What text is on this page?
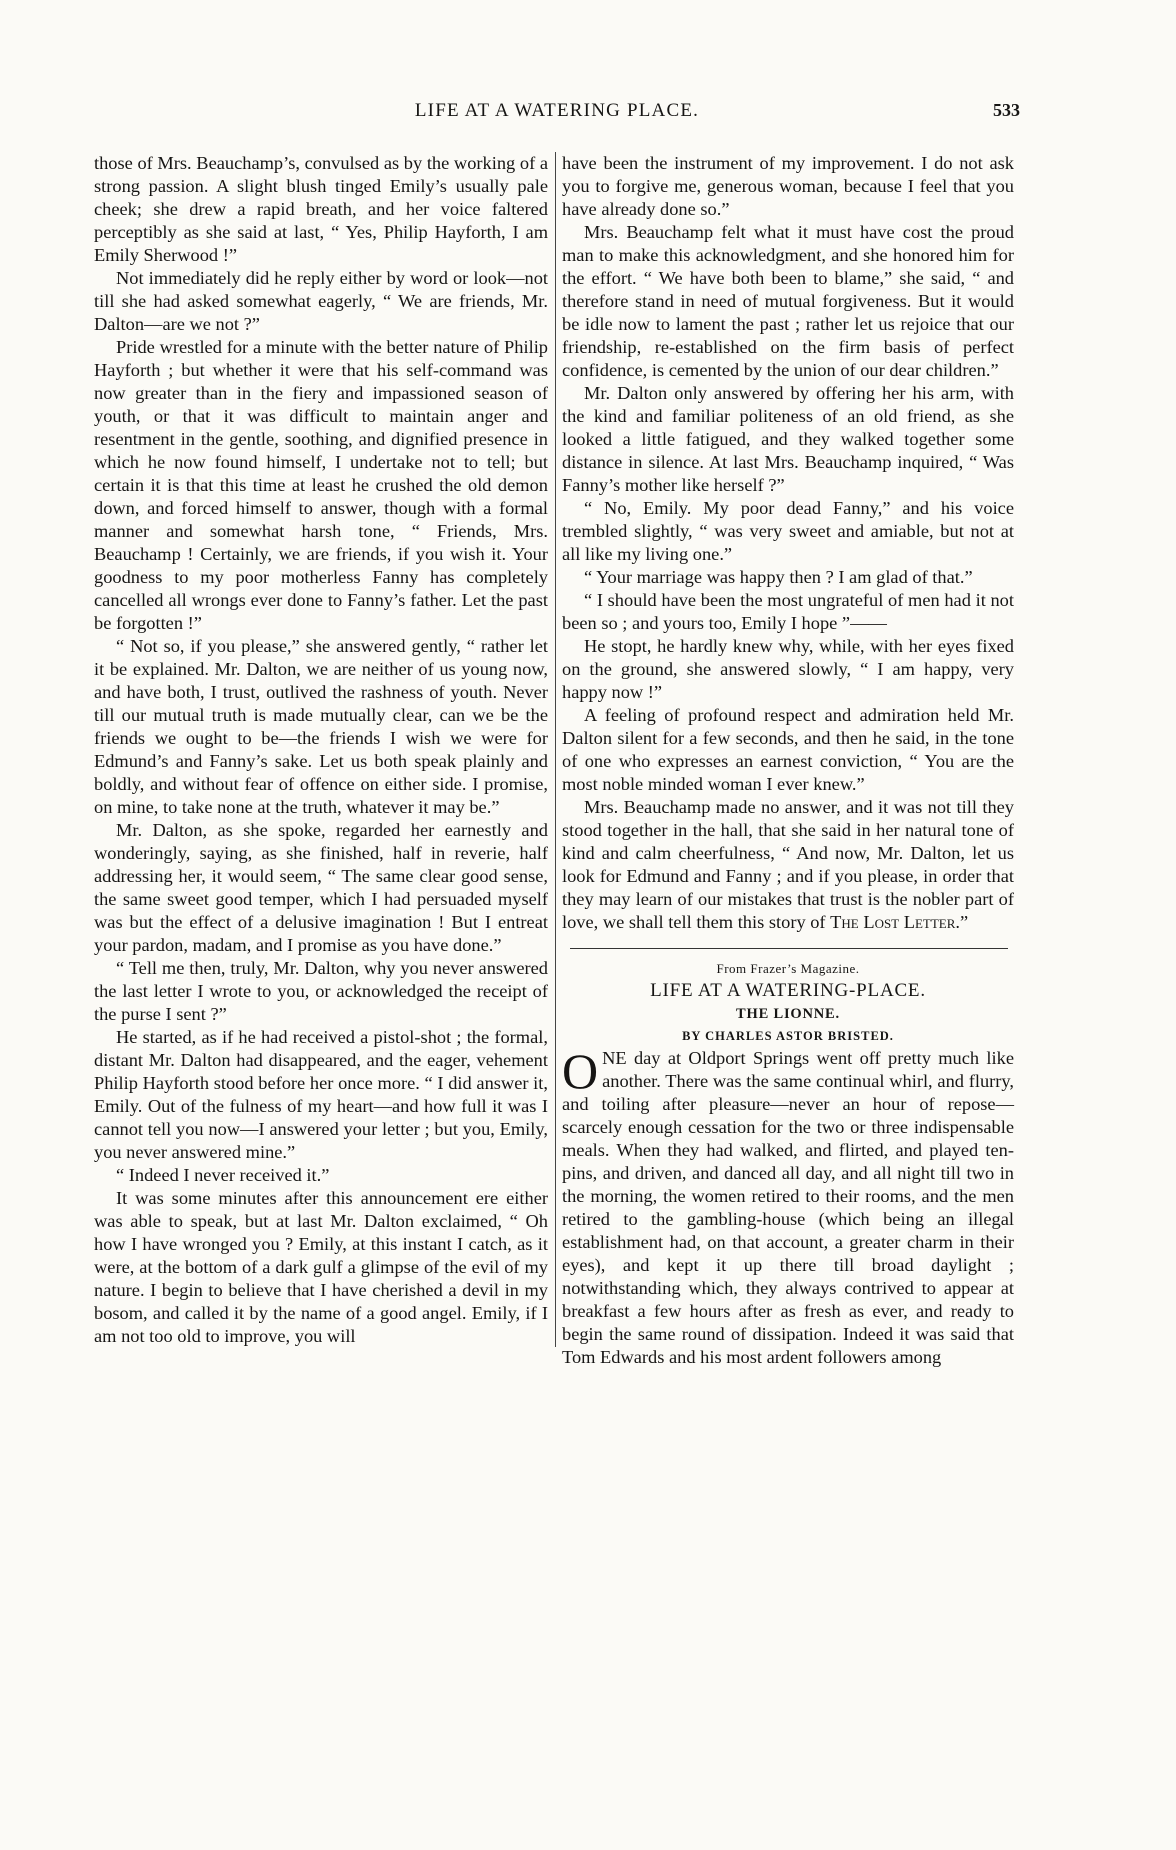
LIFE AT A WATERING PLACE.	533

those of Mrs. Beauchamp’s, convulsed as by the working of a strong passion. A slight blush tinged Emily’s usually pale cheek; she drew a rapid breath, and her voice faltered perceptibly as she said at last, “ Yes, Philip Hayforth, I am Emily Sherwood !”

Not immediately did he reply either by word or look—not till she had asked somewhat eagerly, “ We are friends, Mr. Dalton—are we not ?”

Pride wrestled for a minute with the better nature of Philip Hayforth ; but whether it were that his self-command was now greater than in the fiery and impassioned season of youth, or that it was difficult to maintain anger and resentment in the gentle, soothing, and dignified presence in which he now found himself, I undertake not to tell; but certain it is that this time at least he crushed the old demon down, and forced himself to answer, though with a formal manner and somewhat harsh tone, “ Friends, Mrs. Beauchamp ! Certainly, we are friends, if you wish it. Your goodness to my poor motherless Fanny has completely cancelled all wrongs ever done to Fanny’s father. Let the past be forgotten !”

“ Not so, if you please,” she answered gently, “ rather let it be explained. Mr. Dalton, we are neither of us young now, and have both, I trust, outlived the rashness of youth. Never till our mutual truth is made mutually clear, can we be the friends we ought to be—the friends I wish we were for Edmund’s and Fanny’s sake. Let us both speak plainly and boldly, and without fear of offence on either side. I promise, on mine, to take none at the truth, whatever it may be.”

Mr. Dalton, as she spoke, regarded her earnestly and wonderingly, saying, as she finished, half in reverie, half addressing her, it would seem, “ The same clear good sense, the same sweet good temper, which I had persuaded myself was but the effect of a delusive imagination ! But I entreat your pardon, madam, and I promise as you have done.”

“ Tell me then, truly, Mr. Dalton, why you never answered the last letter I wrote to you, or acknowledged the receipt of the purse I sent ?”

He started, as if he had received a pistol-shot ; the formal, distant Mr. Dalton had disappeared, and the eager, vehement Philip Hayforth stood before her once more. “ I did answer it, Emily. Out of the fulness of my heart—and how full it was I cannot tell you now—I answered your letter ; but you, Emily, you never answered mine.”

“ Indeed I never received it.”

It was some minutes after this announcement ere either was able to speak, but at last Mr. Dalton exclaimed, “ Oh how I have wronged you ? Emily, at this instant I catch, as it were, at the bottom of a dark gulf a glimpse of the evil of my nature. I begin to believe that I have cherished a devil in my bosom, and called it by the name of a good angel. Emily, if I am not too old to improve, you will

have been the instrument of my improvement. I do not ask you to forgive me, generous woman, because I feel that you have already done so.”

Mrs. Beauchamp felt what it must have cost the proud man to make this acknowledgment, and she honored him for the effort. “ We have both been to blame,” she said, “ and therefore stand in need of mutual forgiveness. But it would be idle now to lament the past ; rather let us rejoice that our friendship, re-established on the firm basis of perfect confidence, is cemented by the union of our dear children.”

Mr. Dalton only answered by offering her his arm, with the kind and familiar politeness of an old friend, as she looked a little fatigued, and they walked together some distance in silence. At last Mrs. Beauchamp inquired, “ Was Fanny’s mother like herself ?”

“ No, Emily. My poor dead Fanny,” and his voice trembled slightly, “ was very sweet and amiable, but not at all like my living one.”

“ Your marriage was happy then ? I am glad of that.”

“ I should have been the most ungrateful of men had it not been so ; and yours too, Emily I hope ”——

He stopt, he hardly knew why, while, with her eyes fixed on the ground, she answered slowly, “ I am happy, very happy now !”

A feeling of profound respect and admiration held Mr. Dalton silent for a few seconds, and then he said, in the tone of one who expresses an earnest conviction, “ You are the most noble minded woman I ever knew.”

Mrs. Beauchamp made no answer, and it was not till they stood together in the hall, that she said in her natural tone of kind and calm cheerfulness, “ And now, Mr. Dalton, let us look for Edmund and Fanny ; and if you please, in order that they may learn of our mistakes that trust is the nobler part of love, we shall tell them this story of The Lost Letter.”

From Frazer’s Magazine.
LIFE AT A WATERING-PLACE.
THE LIONNE.
BY CHARLES ASTOR BRISTED.

ONE day at Oldport Springs went off pretty much like another. There was the same continual whirl, and flurry, and toiling after pleasure—never an hour of repose—scarcely enough cessation for the two or three indispensable meals. When they had walked, and flirted, and played ten-pins, and driven, and danced all day, and all night till two in the morning, the women retired to their rooms, and the men retired to the gambling-house (which being an illegal establishment had, on that account, a greater charm in their eyes), and kept it up there till broad daylight ; notwithstanding which, they always contrived to appear at breakfast a few hours after as fresh as ever, and ready to begin the same round of dissipation. Indeed it was said that Tom Edwards and his most ardent followers among
